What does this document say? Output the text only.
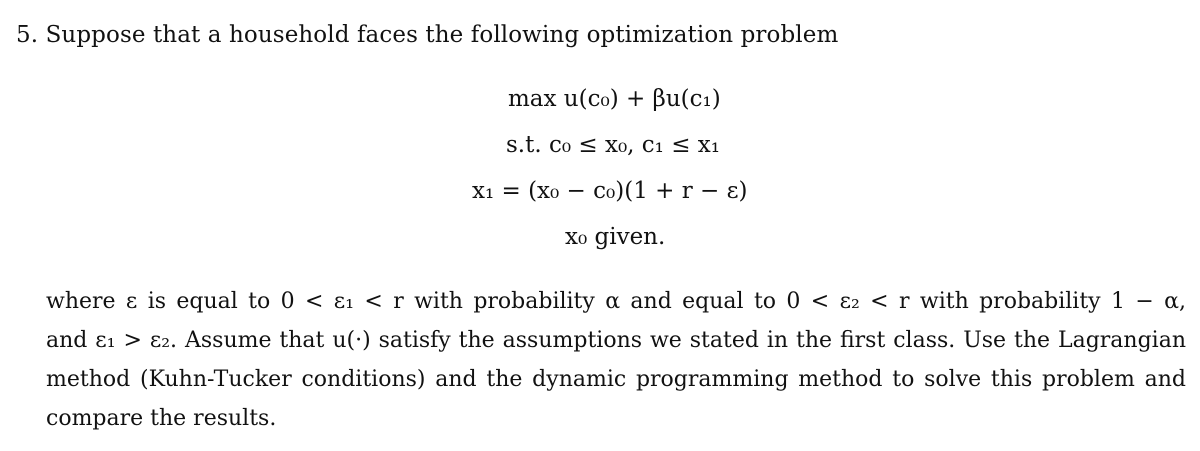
5. Suppose that a household faces the following optimization problem
max u(c₀) + βu(c₁)
s.t. c₀ ≤ x₀, c₁ ≤ x₁
x₁ = (x₀ − c₀)(1 + r − ε)
x₀ given.
where ε is equal to 0 < ε₁ < r with probability α and equal to 0 < ε₂ < r with probability 1 − α,
and ε₁ > ε₂. Assume that u(·) satisfy the assumptions we stated in the first class. Use the Lagrangian
method (Kuhn-Tucker conditions) and the dynamic programming method to solve this problem and
compare the results.
